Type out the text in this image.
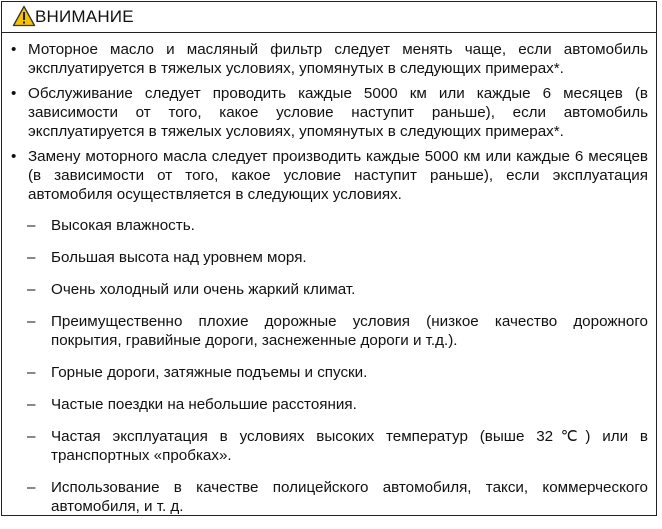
ВНИМАНИЕ
• Моторное масло и масляный фильтр следует менять чаще, если автомобиль эксплуатируется в тяжелых условиях, упомянутых в следующих примерах*.
• Обслуживание следует проводить каждые 5000 км или каждые 6 месяцев (в зависимости от того, какое условие наступит раньше), если автомобиль эксплуатируется в тяжелых условиях, упомянутых в следующих примерах*.
• Замену моторного масла следует производить каждые 5000 км или каждые 6 месяцев (в зависимости от того, какое условие наступит раньше), если эксплуатация автомобиля осуществляется в следующих условиях.
– Высокая влажность.
– Большая высота над уровнем моря.
– Очень холодный или очень жаркий климат.
– Преимущественно плохие дорожные условия (низкое качество дорожного покрытия, гравийные дороги, заснеженные дороги и т.д.).
– Горные дороги, затяжные подъемы и спуски.
– Частые поездки на небольшие расстояния.
– Частая эксплуатация в условиях высоких температур (выше 32℃) или в транспортных «пробках».
– Использование в качестве полицейского автомобиля, такси, коммерческого автомобиля, и т. д.
